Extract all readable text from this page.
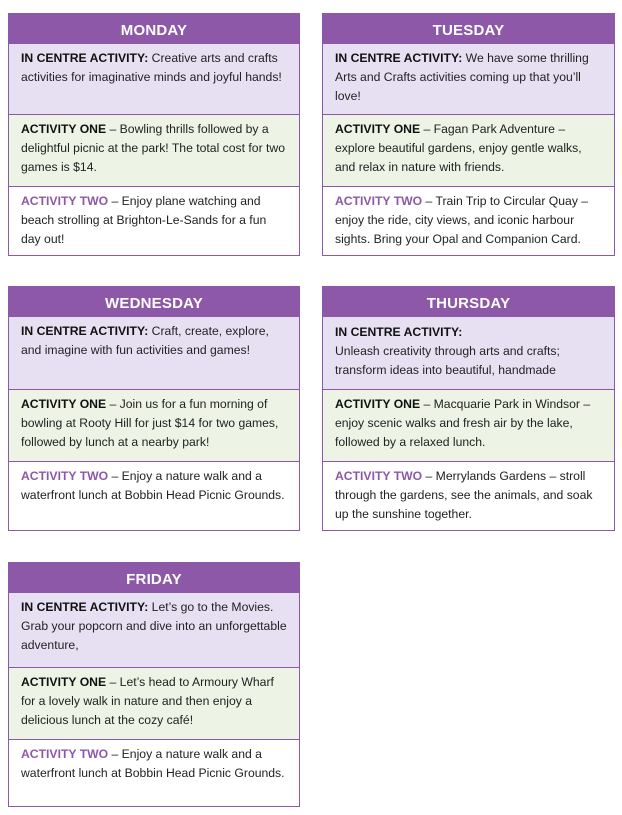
MONDAY
IN CENTRE ACTIVITY: Creative arts and crafts activities for imaginative minds and joyful hands!
ACTIVITY ONE – Bowling thrills followed by a delightful picnic at the park! The total cost for two games is $14.
ACTIVITY TWO – Enjoy plane watching and beach strolling at Brighton-Le-Sands for a fun day out!
TUESDAY
IN CENTRE ACTIVITY: We have some thrilling Arts and Crafts activities coming up that you’ll love!
ACTIVITY ONE – Fagan Park Adventure – explore beautiful gardens, enjoy gentle walks, and relax in nature with friends.
ACTIVITY TWO – Train Trip to Circular Quay – enjoy the ride, city views, and iconic harbour sights. Bring your Opal and Companion Card.
WEDNESDAY
IN CENTRE ACTIVITY: Craft, create, explore, and imagine with fun activities and games!
ACTIVITY ONE – Join us for a fun morning of bowling at Rooty Hill for just $14 for two games, followed by lunch at a nearby park!
ACTIVITY TWO – Enjoy a nature walk and a waterfront lunch at Bobbin Head Picnic Grounds.
THURSDAY
IN CENTRE ACTIVITY:
Unleash creativity through arts and crafts; transform ideas into beautiful, handmade
ACTIVITY ONE – Macquarie Park in Windsor – enjoy scenic walks and fresh air by the lake, followed by a relaxed lunch.
ACTIVITY TWO – Merrylands Gardens – stroll through the gardens, see the animals, and soak up the sunshine together.
FRIDAY
IN CENTRE ACTIVITY: Let’s go to the Movies. Grab your popcorn and dive into an unforgettable adventure,
ACTIVITY ONE – Let’s head to Armoury Wharf for a lovely walk in nature and then enjoy a delicious lunch at the cozy café!
ACTIVITY TWO – Enjoy a nature walk and a waterfront lunch at Bobbin Head Picnic Grounds.
